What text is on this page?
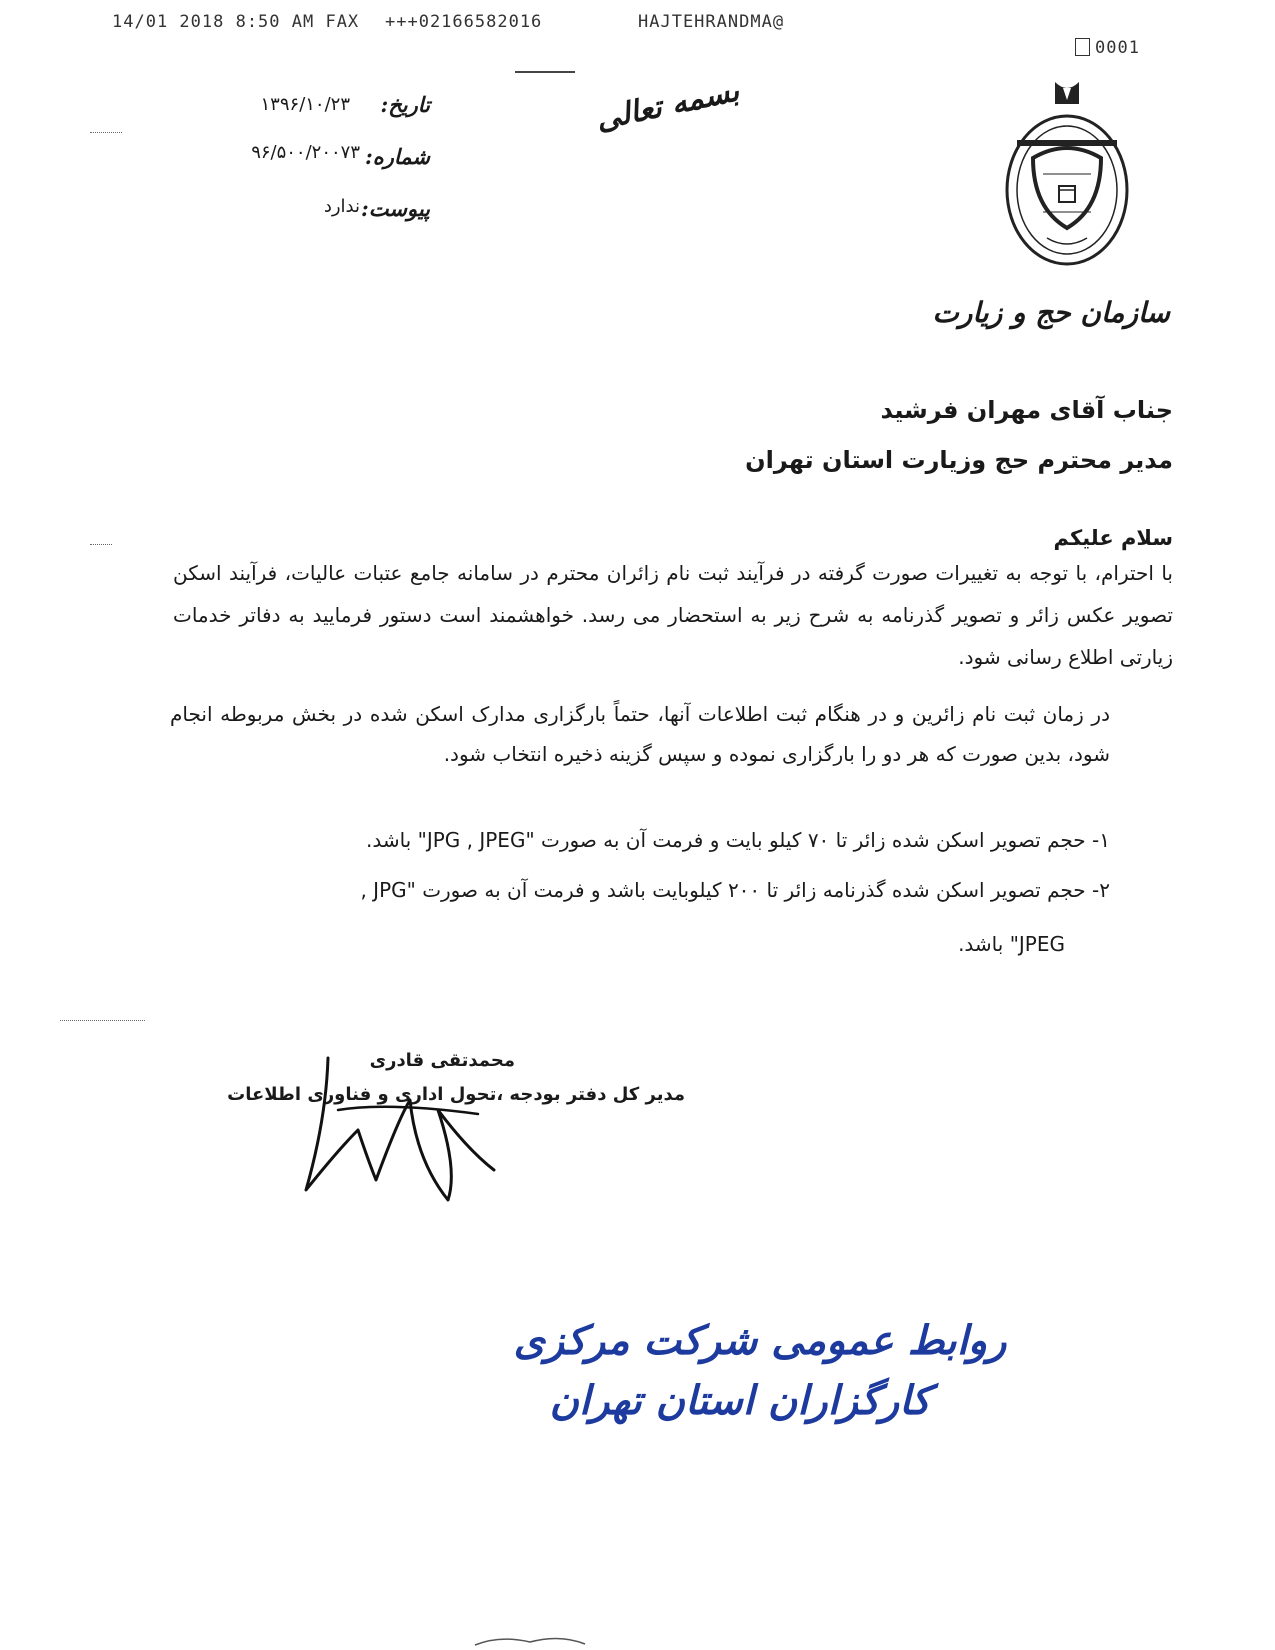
14/01 2018 8:50 AM FAX +++02166582016	HAJTEHRANDMA@
0001
بسمه تعالی
تاریخ:
۱۳۹۶/۱۰/۲۳
شماره:
۹۶/۵۰۰/۲۰۰۷۳
پیوست:
ندارد
سازمان حج و زیارت
جناب آقای مهران فرشید
مدیر محترم حج وزیارت استان تهران
سلام علیکم
با احترام، با توجه به تغییرات صورت گرفته در فرآیند ثبت نام زائران محترم در سامانه جامع عتبات عالیات، فرآیند اسکن تصویر عکس زائر و تصویر گذرنامه به شرح زیر به استحضار می رسد. خواهشمند است دستور فرمایید به دفاتر خدمات زیارتی اطلاع رسانی شود.
در زمان ثبت نام زائرین و در هنگام ثبت اطلاعات آنها، حتماً بارگزاری مدارک اسکن شده در بخش مربوطه انجام شود، بدین صورت که هر دو را بارگزاری نموده و سپس گزینه ذخیره انتخاب شود.
۱- حجم تصویر اسکن شده زائر تا ۷۰ کیلو بایت و فرمت آن به صورت "JPG , JPEG" باشد.
۲- حجم تصویر اسکن شده گذرنامه زائر تا ۲۰۰ کیلوبایت باشد و فرمت آن به صورت "JPG ,
JPEG" باشد.
محمدتقی قادری
مدیر کل دفتر بودجه ،تحول اداری و فناوری اطلاعات
روابط عمومی شرکت مرکزی
کارگزاران استان تهران
